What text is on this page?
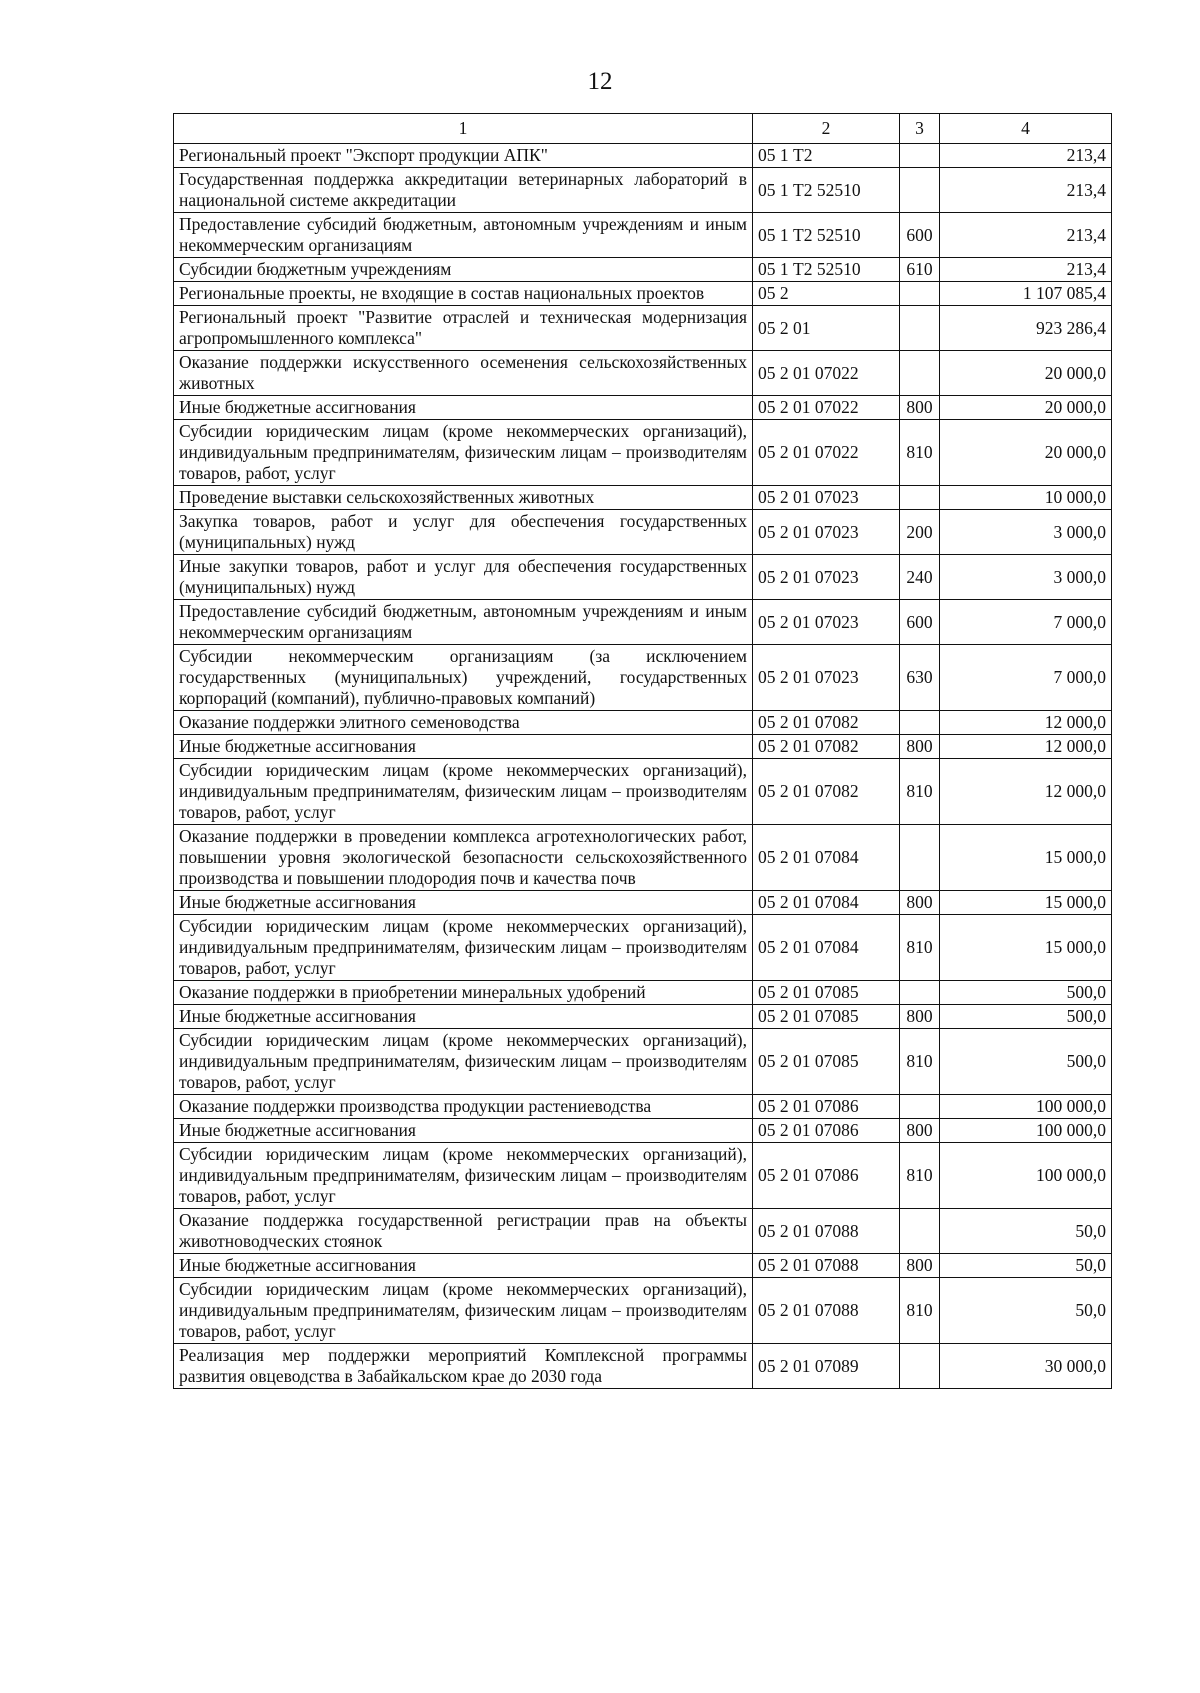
12
1	2	3	4
Региональный проект "Экспорт продукции АПК"	05 1 Т2		213,4
Государственная поддержка аккредитации ветеринарных лабораторий в национальной системе аккредитации	05 1 Т2 52510		213,4
Предоставление субсидий бюджетным, автономным учреждениям и иным некоммерческим организациям	05 1 Т2 52510	600	213,4
Субсидии бюджетным учреждениям	05 1 Т2 52510	610	213,4
Региональные проекты, не входящие в состав национальных проектов	05 2		1 107 085,4
Региональный проект "Развитие отраслей и техническая модернизация агропромышленного комплекса"	05 2 01		923 286,4
Оказание поддержки искусственного осеменения сельскохозяйственных животных	05 2 01 07022		20 000,0
Иные бюджетные ассигнования	05 2 01 07022	800	20 000,0
Субсидии юридическим лицам (кроме некоммерческих организаций), индивидуальным предпринимателям, физическим лицам – производителям товаров, работ, услуг	05 2 01 07022	810	20 000,0
Проведение выставки сельскохозяйственных животных	05 2 01 07023		10 000,0
Закупка товаров, работ и услуг для обеспечения государственных (муниципальных) нужд	05 2 01 07023	200	3 000,0
Иные закупки товаров, работ и услуг для обеспечения государственных (муниципальных) нужд	05 2 01 07023	240	3 000,0
Предоставление субсидий бюджетным, автономным учреждениям и иным некоммерческим организациям	05 2 01 07023	600	7 000,0
Субсидии некоммерческим организациям (за исключением государственных (муниципальных) учреждений, государственных корпораций (компаний), публично-правовых компаний)	05 2 01 07023	630	7 000,0
Оказание поддержки элитного семеноводства	05 2 01 07082		12 000,0
Иные бюджетные ассигнования	05 2 01 07082	800	12 000,0
Субсидии юридическим лицам (кроме некоммерческих организаций), индивидуальным предпринимателям, физическим лицам – производителям товаров, работ, услуг	05 2 01 07082	810	12 000,0
Оказание поддержки в проведении комплекса агротехнологических работ, повышении уровня экологической безопасности сельскохозяйственного производства и повышении плодородия почв и качества почв	05 2 01 07084		15 000,0
Иные бюджетные ассигнования	05 2 01 07084	800	15 000,0
Субсидии юридическим лицам (кроме некоммерческих организаций), индивидуальным предпринимателям, физическим лицам – производителям товаров, работ, услуг	05 2 01 07084	810	15 000,0
Оказание поддержки в приобретении минеральных удобрений	05 2 01 07085		500,0
Иные бюджетные ассигнования	05 2 01 07085	800	500,0
Субсидии юридическим лицам (кроме некоммерческих организаций), индивидуальным предпринимателям, физическим лицам – производителям товаров, работ, услуг	05 2 01 07085	810	500,0
Оказание поддержки производства продукции растениеводства	05 2 01 07086		100 000,0
Иные бюджетные ассигнования	05 2 01 07086	800	100 000,0
Субсидии юридическим лицам (кроме некоммерческих организаций), индивидуальным предпринимателям, физическим лицам – производителям товаров, работ, услуг	05 2 01 07086	810	100 000,0
Оказание поддержка государственной регистрации прав на объекты животноводческих стоянок	05 2 01 07088		50,0
Иные бюджетные ассигнования	05 2 01 07088	800	50,0
Субсидии юридическим лицам (кроме некоммерческих организаций), индивидуальным предпринимателям, физическим лицам – производителям товаров, работ, услуг	05 2 01 07088	810	50,0
Реализация мер поддержки мероприятий Комплексной программы развития овцеводства в Забайкальском крае до 2030 года	05 2 01 07089		30 000,0
